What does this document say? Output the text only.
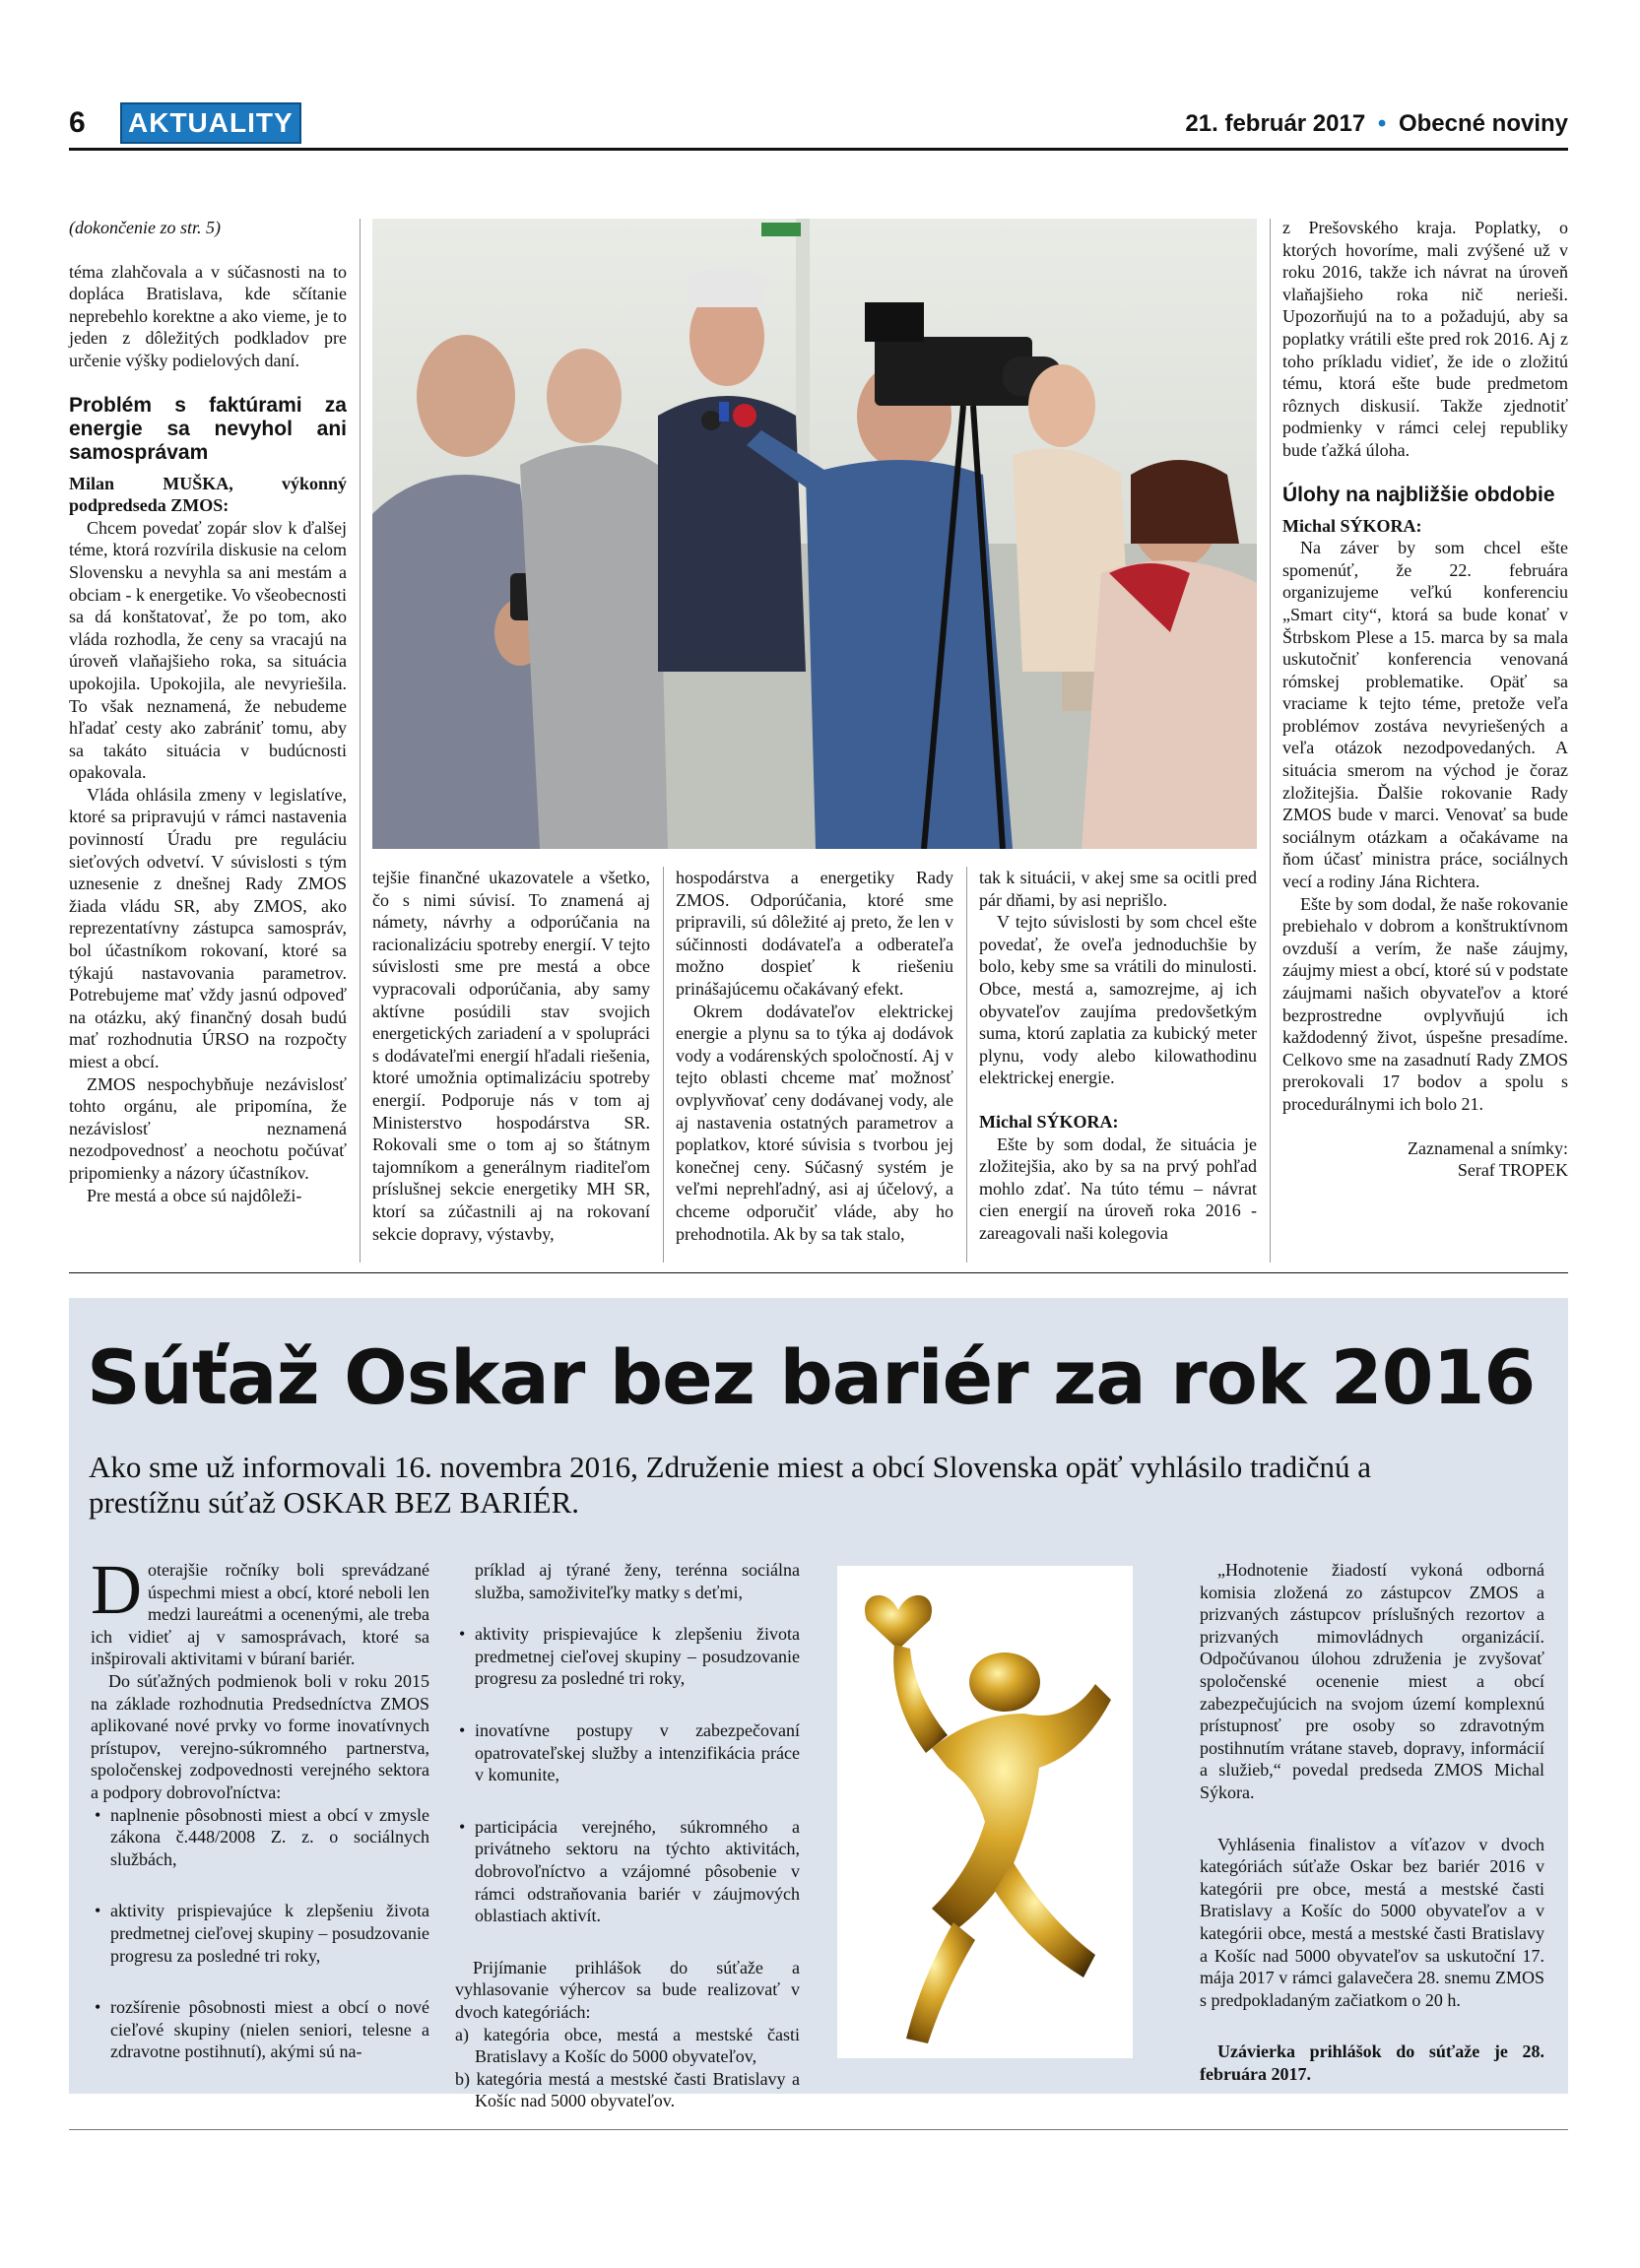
6 AKTUALITY	21. február 2017 • Obecné noviny

(dokončenie zo str. 5)

téma zlahčovala a v súčasnosti na to dopláca Bratislava, kde sčítanie neprebehlo korektne a ako vieme, je to jeden z dôležitých podkladov pre určenie výšky podielových daní.

Problém s faktúrami za energie sa nevyhol ani samosprávam

Milan MUŠKA, výkonný podpredseda ZMOS:

Chcem povedať zopár slov k ďalšej téme, ktorá rozvírila diskusie na celom Slovensku a nevyhla sa ani mestám a obciam - k energetike. Vo všeobecnosti sa dá konštatovať, že po tom, ako vláda rozhodla, že ceny sa vracajú na úroveň vlaňajšieho roka, sa situácia upokojila. Upokojila, ale nevyriešila. To však neznamená, že nebudeme hľadať cesty ako zabrániť tomu, aby sa takáto situácia v budúcnosti opakovala.

Vláda ohlásila zmeny v legislatíve, ktoré sa pripravujú v rámci nastavenia povinností Úradu pre reguláciu sieťových odvetví. V súvislosti s tým uznesenie z dnešnej Rady ZMOS žiada vládu SR, aby ZMOS, ako reprezentatívny zástupca samospráv, bol účastníkom rokovaní, ktoré sa týkajú nastavovania parametrov. Potrebujeme mať vždy jasnú odpoveď na otázku, aký finančný dosah budú mať rozhodnutia ÚRSO na rozpočty miest a obcí.

ZMOS nespochybňuje nezávislosť tohto orgánu, ale pripomína, že nezávislosť neznamená nezodpovednosť a neochotu počúvať pripomienky a názory účastníkov.

Pre mestá a obce sú najdôleži-

tejšie finančné ukazovatele a všetko, čo s nimi súvisí. To znamená aj námety, návrhy a odporúčania na racionalizáciu spotreby energií. V tejto súvislosti sme pre mestá a obce vypracovali odporúčania, aby samy aktívne posúdili stav svojich energetických zariadení a v spolupráci s dodávateľmi energií hľadali riešenia, ktoré umožnia optimalizáciu spotreby energií. Podporuje nás v tom aj Ministerstvo hospodárstva SR. Rokovali sme o tom aj so štátnym tajomníkom a generálnym riaditeľom príslušnej sekcie energetiky MH SR, ktorí sa zúčastnili aj na rokovaní sekcie dopravy, výstavby,

hospodárstva a energetiky Rady ZMOS. Odporúčania, ktoré sme pripravili, sú dôležité aj preto, že len v súčinnosti dodávateľa a odberateľa možno dospieť k riešeniu prinášajúcemu očakávaný efekt.

Okrem dodávateľov elektrickej energie a plynu sa to týka aj dodávok vody a vodárenských spoločností. Aj v tejto oblasti chceme mať možnosť ovplyvňovať ceny dodávanej vody, ale aj nastavenia ostatných parametrov a poplatkov, ktoré súvisia s tvorbou jej konečnej ceny. Súčasný systém je veľmi neprehľadný, asi aj účelový, a chceme odporučiť vláde, aby ho prehodnotila. Ak by sa tak stalo,

tak k situácii, v akej sme sa ocitli pred pár dňami, by asi neprišlo.

V tejto súvislosti by som chcel ešte povedať, že oveľa jednoduchšie by bolo, keby sme sa vrátili do minulosti. Obce, mestá a, samozrejme, aj ich obyvateľov zaujíma predovšetkým suma, ktorú zaplatia za kubický meter plynu, vody alebo kilowathodinu elektrickej energie.

Michal SÝKORA:

Ešte by som dodal, že situácia je zložitejšia, ako by sa na prvý pohľad mohlo zdať. Na túto tému – návrat cien energií na úroveň roka 2016 - zareagovali naši kolegovia

z Prešovského kraja. Poplatky, o ktorých hovoríme, mali zvýšené už v roku 2016, takže ich návrat na úroveň vlaňajšieho roka nič nerieši. Upozorňujú na to a požadujú, aby sa poplatky vrátili ešte pred rok 2016. Aj z toho príkladu vidieť, že ide o zložitú tému, ktorá ešte bude predmetom rôznych diskusií. Takže zjednotiť podmienky v rámci celej republiky bude ťažká úloha.

Úlohy na najbližšie obdobie

Michal SÝKORA:

Na záver by som chcel ešte spomenúť, že 22. februára organizujeme veľkú konferenciu „Smart city“, ktorá sa bude konať v Štrbskom Plese a 15. marca by sa mala uskutočniť konferencia venovaná rómskej problematike. Opäť sa vraciame k tejto téme, pretože veľa problémov zostáva nevyriešených a veľa otázok nezodpovedaných. A situácia smerom na východ je čoraz zložitejšia. Ďalšie rokovanie Rady ZMOS bude v marci. Venovať sa bude sociálnym otázkam a očakávame na ňom účasť ministra práce, sociálnych vecí a rodiny Jána Richtera.

Ešte by som dodal, že naše rokovanie prebiehalo v dobrom a konštruktívnom ovzduší a verím, že naše záujmy, záujmy miest a obcí, ktoré sú v podstate záujmami našich obyvateľov a ktoré bezprostredne ovplyvňujú ich každodenný život, úspešne presadíme. Celkovo sme na zasadnutí Rady ZMOS prerokovali 17 bodov a spolu s procedurálnymi ich bolo 21.

Zaznamenal a snímky:

Seraf TROPEK

Súťaž Oskar bez bariér za rok 2016

Ako sme už informovali 16. novembra 2016, Združenie miest a obcí Slovenska opäť vyhlásilo tradičnú a prestížnu súťaž OSKAR BEZ BARIÉR.

Doterajšie ročníky boli sprevádzané úspechmi miest a obcí, ktoré neboli len medzi laureátmi a ocenenými, ale treba ich vidieť aj v samosprávach, ktoré sa inšpirovali aktivitami v búraní bariér.

Do súťažných podmienok boli v roku 2015 na základe rozhodnutia Predsedníctva ZMOS aplikované nové prvky vo forme inovatívnych prístupov, verejno-súkromného partnerstva, spoločenskej zodpovednosti verejného sektora a podpory dobrovoľníctva:

• naplnenie pôsobnosti miest a obcí v zmysle zákona č.448/2008 Z. z. o sociálnych službách,
• aktivity prispievajúce k zlepšeniu života predmetnej cieľovej skupiny – posudzovanie progresu za posledné tri roky,
• rozšírenie pôsobnosti miest a obcí o nové cieľové skupiny (nielen seniori, telesne a zdravotne postihnutí), akými sú na-

príklad aj týrané ženy, terénna sociálna služba, samoživiteľky matky s deťmi,

• aktivity prispievajúce k zlepšeniu života predmetnej cieľovej skupiny – posudzovanie progresu za posledné tri roky,
• inovatívne postupy v zabezpečovaní opatrovateľskej služby a intenzifikácia práce v komunite,
• participácia verejného, súkromného a privátneho sektoru na týchto aktivitách, dobrovoľníctvo a vzájomné pôsobenie v rámci odstraňovania bariér v záujmových oblastiach aktivít.

Prijímanie prihlášok do súťaže a vyhlasovanie výhercov sa bude realizovať v dvoch kategóriách:

a) kategória obce, mestá a mestské časti Bratislavy a Košíc do 5000 obyvateľov,

b) kategória mestá a mestské časti Bratislavy a Košíc nad 5000 obyvateľov.

„Hodnotenie žiadostí vykoná odborná komisia zložená zo zástupcov ZMOS a prizvaných zástupcov príslušných rezortov a prizvaných mimovládnych organizácií. Odpočúvanou úlohou združenia je zvyšovať spoločenské ocenenie miest a obcí zabezpečujúcich na svojom území komplexnú prístupnosť pre osoby so zdravotným postihnutím vrátane staveb, dopravy, informácií a služieb,“ povedal predseda ZMOS Michal Sýkora.

Vyhlásenia finalistov a víťazov v dvoch kategóriách súťaže Oskar bez bariér 2016 v kategórii pre obce, mestá a mestské časti Bratislavy a Košíc do 5000 obyvateľov a v kategórii obce, mestá a mestské časti Bratislavy a Košíc nad 5000 obyvateľov sa uskutoční 17. mája 2017 v rámci galavečera 28. snemu ZMOS s predpokladaným začiatkom o 20 h.

Uzávierka prihlášok do súťaže je 28. februára 2017.
